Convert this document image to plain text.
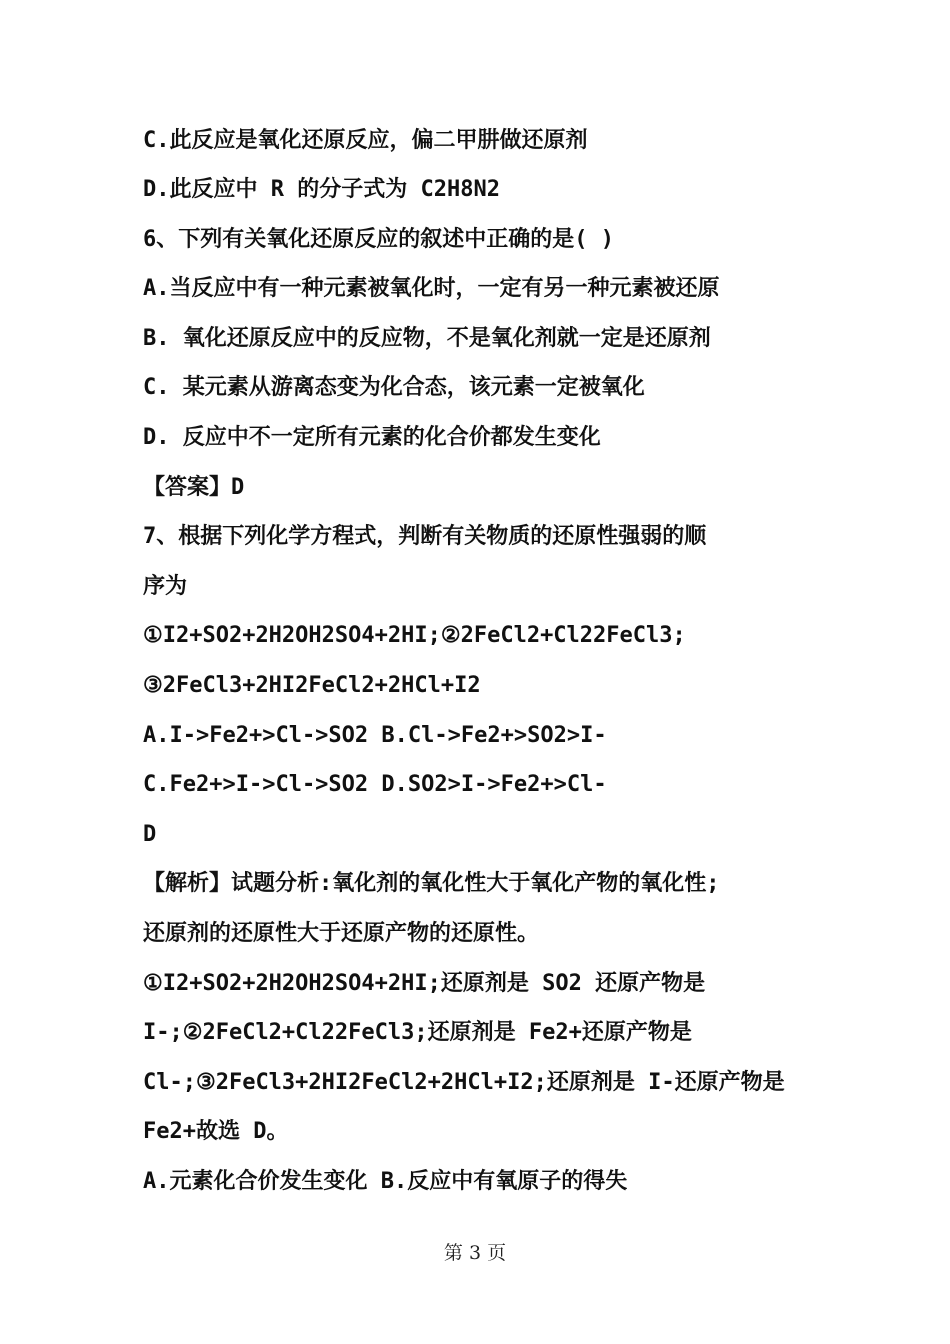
C.此反应是氧化还原反应，偏二甲肼做还原剂

D.此反应中 R 的分子式为 C2H8N2

6、下列有关氧化还原反应的叙述中正确的是( )

A.当反应中有一种元素被氧化时，一定有另一种元素被还原

B. 氧化还原反应中的反应物，不是氧化剂就一定是还原剂

C. 某元素从游离态变为化合态，该元素一定被氧化

D. 反应中不一定所有元素的化合价都发生变化

【答案】D

7、根据下列化学方程式，判断有关物质的还原性强弱的顺

序为

①I2+SO2+2H2OH2SO4+2HI;②2FeCl2+Cl22FeCl3;

③2FeCl3+2HI2FeCl2+2HCl+I2

A.I->Fe2+>Cl->SO2 B.Cl->Fe2+>SO2>I-

C.Fe2+>I->Cl->SO2 D.SO2>I->Fe2+>Cl-

D

【解析】试题分析:氧化剂的氧化性大于氧化产物的氧化性;

还原剂的还原性大于还原产物的还原性。

①I2+SO2+2H2OH2SO4+2HI;还原剂是 SO2 还原产物是

I-;②2FeCl2+Cl22FeCl3;还原剂是 Fe2+还原产物是

Cl-;③2FeCl3+2HI2FeCl2+2HCl+I2;还原剂是 I-还原产物是

Fe2+故选 D。

A.元素化合价发生变化 B.反应中有氧原子的得失

第 3 页
